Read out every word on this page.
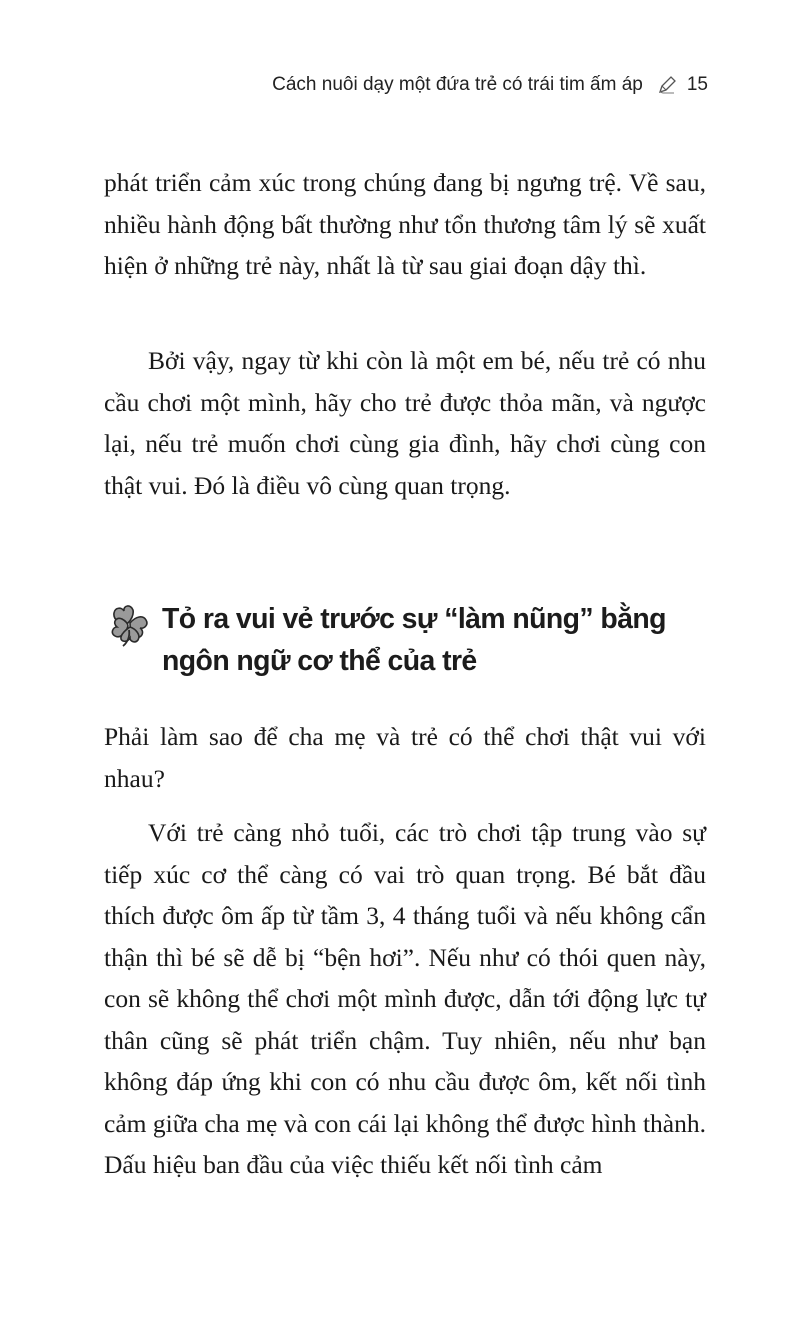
Cách nuôi dạy một đứa trẻ có trái tim ấm áp 15
phát triển cảm xúc trong chúng đang bị ngưng trệ. Về sau, nhiều hành động bất thường như tổn thương tâm lý sẽ xuất hiện ở những trẻ này, nhất là từ sau giai đoạn dậy thì.
Bởi vậy, ngay từ khi còn là một em bé, nếu trẻ có nhu cầu chơi một mình, hãy cho trẻ được thỏa mãn, và ngược lại, nếu trẻ muốn chơi cùng gia đình, hãy chơi cùng con thật vui. Đó là điều vô cùng quan trọng.
Tỏ ra vui vẻ trước sự “làm nũng” bằng ngôn ngữ cơ thể của trẻ
Phải làm sao để cha mẹ và trẻ có thể chơi thật vui với nhau?
Với trẻ càng nhỏ tuổi, các trò chơi tập trung vào sự tiếp xúc cơ thể càng có vai trò quan trọng. Bé bắt đầu thích được ôm ấp từ tầm 3, 4 tháng tuổi và nếu không cẩn thận thì bé sẽ dễ bị “bện hơi”. Nếu như có thói quen này, con sẽ không thể chơi một mình được, dẫn tới động lực tự thân cũng sẽ phát triển chậm. Tuy nhiên, nếu như bạn không đáp ứng khi con có nhu cầu được ôm, kết nối tình cảm giữa cha mẹ và con cái lại không thể được hình thành. Dấu hiệu ban đầu của việc thiếu kết nối tình cảm
